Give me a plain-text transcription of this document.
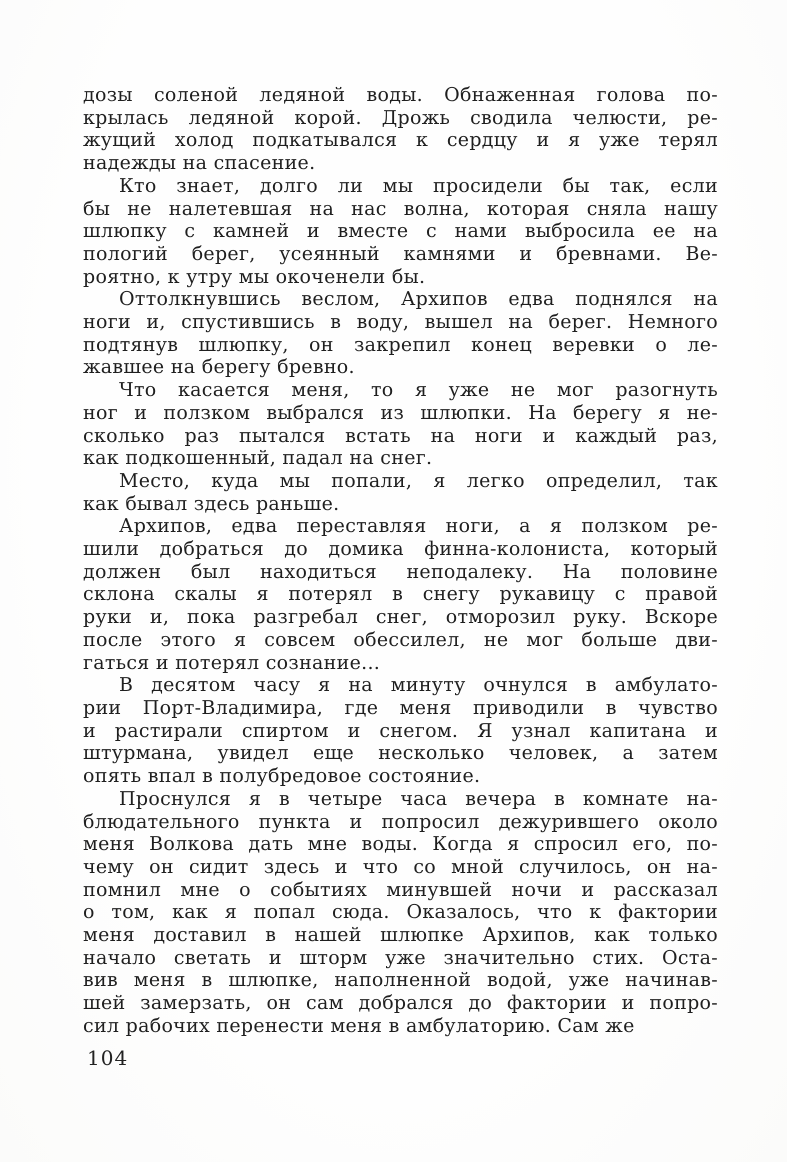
дозы соленой ледяной воды. Обнаженная голова по-
крылась ледяной корой. Дрожь сводила челюсти, ре-
жущий холод подкатывался к сердцу и я уже терял
надежды на спасение.
Кто знает, долго ли мы просидели бы так, если
бы не налетевшая на нас волна, которая сняла нашу
шлюпку с камней и вместе с нами выбросила ее на
пологий берег, усеянный камнями и бревнами. Ве-
роятно, к утру мы окоченели бы.
Оттолкнувшись веслом, Архипов едва поднялся на
ноги и, спустившись в воду, вышел на берег. Немного
подтянув шлюпку, он закрепил конец веревки о ле-
жавшее на берегу бревно.
Что касается меня, то я уже не мог разогнуть
ног и ползком выбрался из шлюпки. На берегу я не-
сколько раз пытался встать на ноги и каждый раз,
как подкошенный, падал на снег.
Место, куда мы попали, я легко определил, так
как бывал здесь раньше.
Архипов, едва переставляя ноги, а я ползком ре-
шили добраться до домика финна-колониста, который
должен был находиться неподалеку. На половине
склона скалы я потерял в снегу рукавицу с правой
руки и, пока разгребал снег, отморозил руку. Вскоре
после этого я совсем обессилел, не мог больше дви-
гаться и потерял сознание...
В десятом часу я на минуту очнулся в амбулато-
рии Порт-Владимира, где меня приводили в чувство
и растирали спиртом и снегом. Я узнал капитана и
штурмана, увидел еще несколько человек, а затем
опять впал в полубредовое состояние.
Проснулся я в четыре часа вечера в комнате на-
блюдательного пункта и попросил дежурившего около
меня Волкова дать мне воды. Когда я спросил его, по-
чему он сидит здесь и что со мной случилось, он на-
помнил мне о событиях минувшей ночи и рассказал
о том, как я попал сюда. Оказалось, что к фактории
меня доставил в нашей шлюпке Архипов, как только
начало светать и шторм уже значительно стих. Оста-
вив меня в шлюпке, наполненной водой, уже начинав-
шей замерзать, он сам добрался до фактории и попро-
сил рабочих перенести меня в амбулаторию. Сам же
104
